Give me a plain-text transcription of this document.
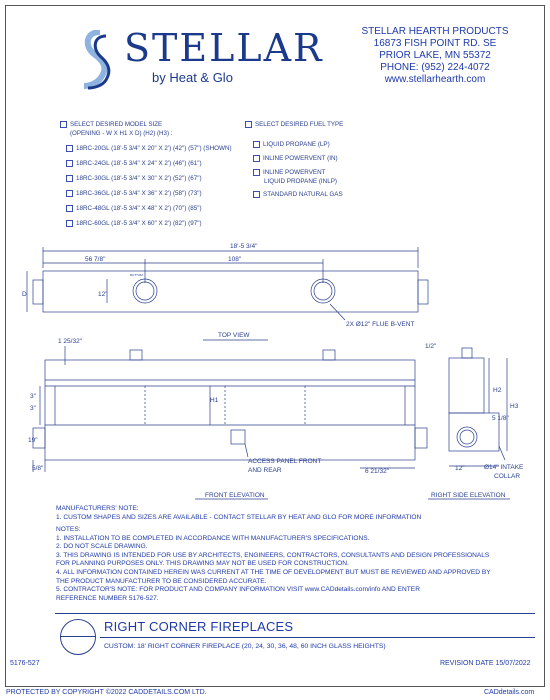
STELLAR
by Heat & Glo
STELLAR HEARTH PRODUCTS
16873 FISH POINT RD. SE
PRIOR LAKE, MN 55372
PHONE: (952) 224-4072
www.stellarhearth.com
SELECT DESIRED MODEL SIZE
(OPENING - W X H1 X D) (H2) (H3) :
18RC-20GL (18'-5 3/4" X 20" X 2') (42") (57") (SHOWN)
18RC-24GL (18'-5 3/4" X 24" X 2') (46") (61")
18RC-30GL (18'-5 3/4" X 30" X 2') (52") (67")
18RC-36GL (18'-5 3/4" X 36" X 2') (58") (73")
18RC-48GL (18'-5 3/4" X 48" X 2') (70") (85")
18RC-60GL (18'-5 3/4" X 60" X 2') (82") (97")
SELECT DESIRED FUEL TYPE
LIQUID PROPANE (LP)
INLINE POWERVENT (IN)
INLINE POWERVENT
LIQUID PROPANE (INLP)
STANDARD NATURAL GAS
18'-5 3/4"
56 7/8"	108"
D	12"
2X Ø12" FLUE B-VENT
TOP VIEW
1 25/32"
1/2"
3"
3"
19"
H1
5/8"
ACCESS PANEL FRONT
AND REAR	6 21/32"
H2
H3
5 1/8"
12"	Ø14" INTAKE
COLLAR
FRONT ELEVATION	RIGHT SIDE ELEVATION
BOTTOM
MANUFACTURERS' NOTE:
1. CUSTOM SHAPES AND SIZES ARE AVAILABLE - CONTACT STELLAR BY HEAT AND GLO FOR MORE INFORMATION
NOTES:
1. INSTALLATION TO BE COMPLETED IN ACCORDANCE WITH MANUFACTURER'S SPECIFICATIONS.
2. DO NOT SCALE DRAWING.
3. THIS DRAWING IS INTENDED FOR USE BY ARCHITECTS, ENGINEERS, CONTRACTORS, CONSULTANTS AND DESIGN PROFESSIONALS
FOR PLANNING PURPOSES ONLY. THIS DRAWING MAY NOT BE USED FOR CONSTRUCTION.
4. ALL INFORMATION CONTAINED HEREIN WAS CURRENT AT THE TIME OF DEVELOPMENT BUT MUST BE REVIEWED AND APPROVED BY
THE PRODUCT MANUFACTURER TO BE CONSIDERED ACCURATE.
5. CONTRACTOR'S NOTE: FOR PRODUCT AND COMPANY INFORMATION VISIT www.CADdetails.com/info AND ENTER
REFERENCE NUMBER 5176-527.
RIGHT CORNER FIREPLACES
CUSTOM: 18' RIGHT CORNER FIREPLACE (20, 24, 30, 36, 48, 60 INCH GLASS HEIGHTS)
5176-527	REVISION DATE 15/07/2022
PROTECTED BY COPYRIGHT ©2022 CADDETAILS.COM LTD.	CADdetails.com
